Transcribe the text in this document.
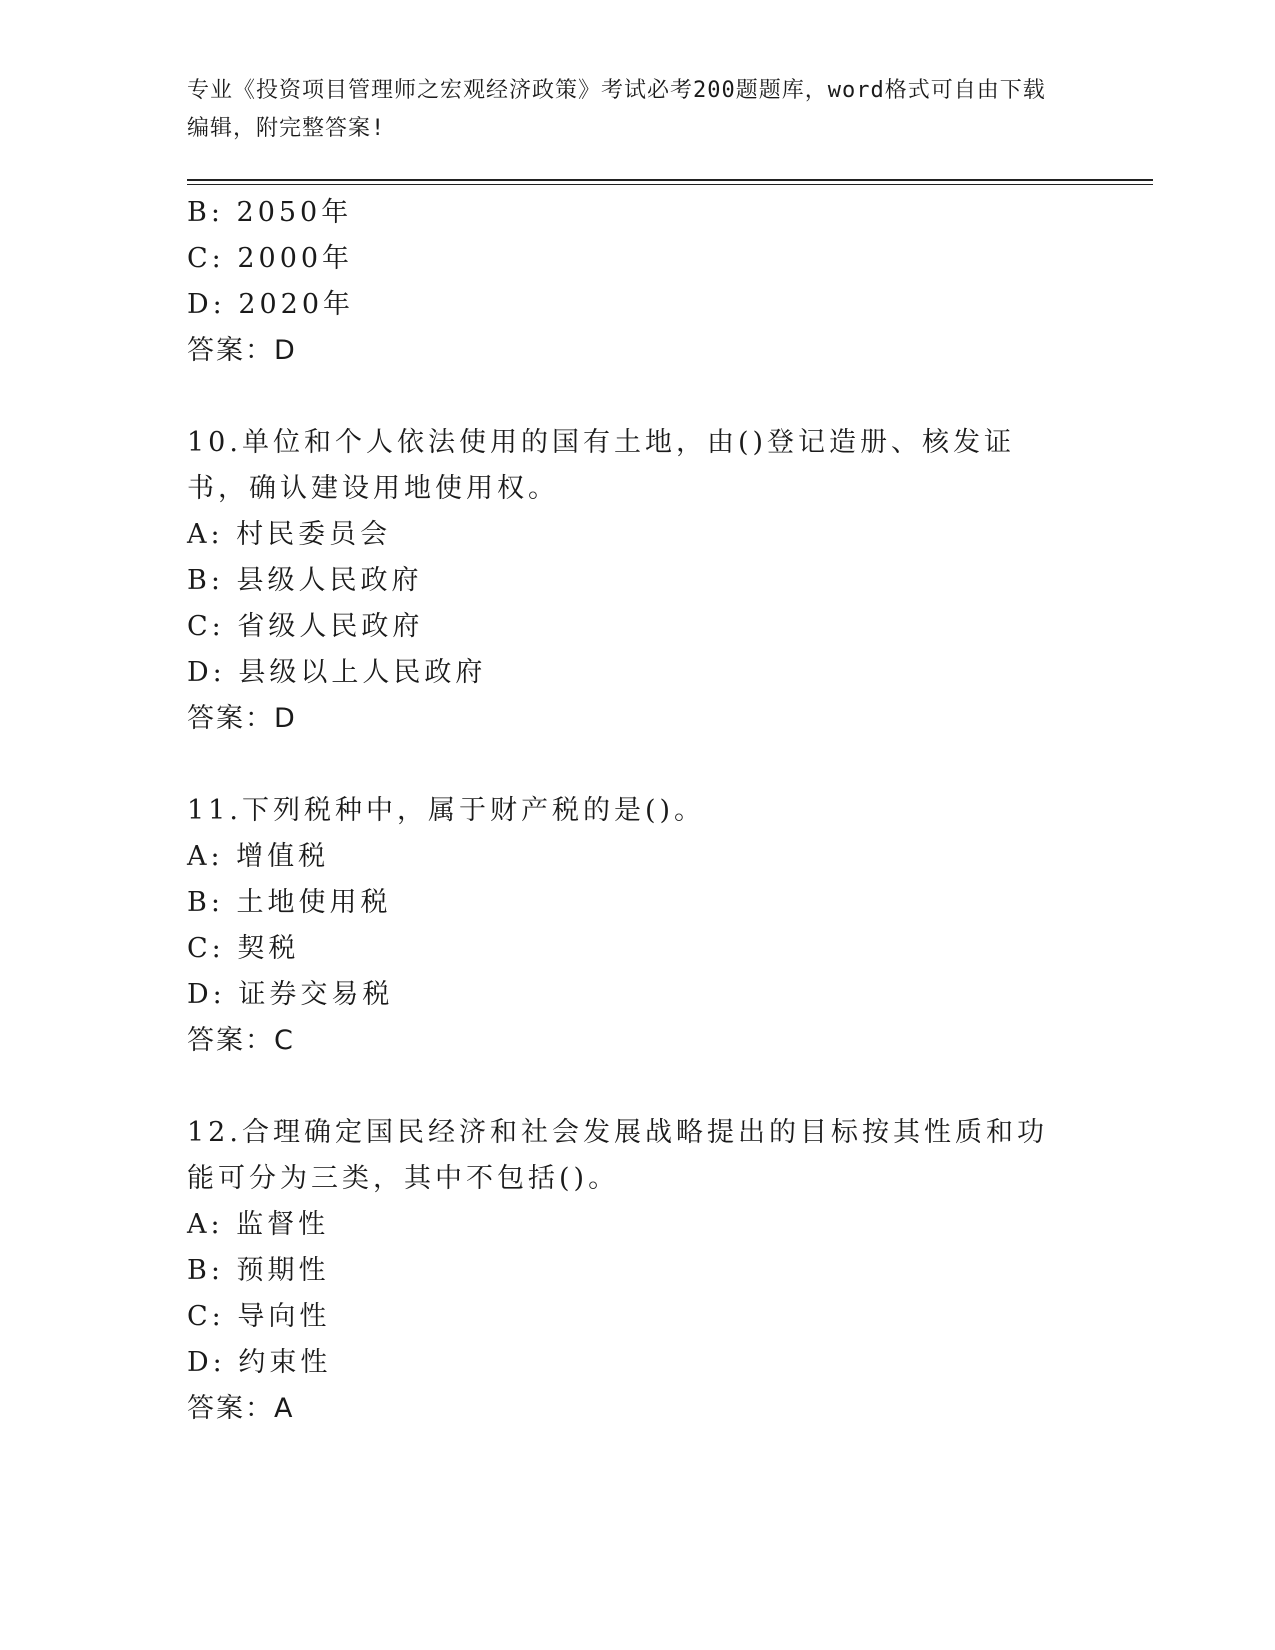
专业《投资项目管理师之宏观经济政策》考试必考200题题库，word格式可自由下载编辑，附完整答案!
B: 2050年
C: 2000年
D: 2020年
答案：D
10.单位和个人依法使用的国有土地，由()登记造册、核发证书，确认建设用地使用权。
A: 村民委员会
B: 县级人民政府
C: 省级人民政府
D: 县级以上人民政府
答案：D
11.下列税种中，属于财产税的是()。
A: 增值税
B: 土地使用税
C: 契税
D: 证券交易税
答案：C
12.合理确定国民经济和社会发展战略提出的目标按其性质和功能可分为三类，其中不包括()。
A: 监督性
B: 预期性
C: 导向性
D: 约束性
答案：A
